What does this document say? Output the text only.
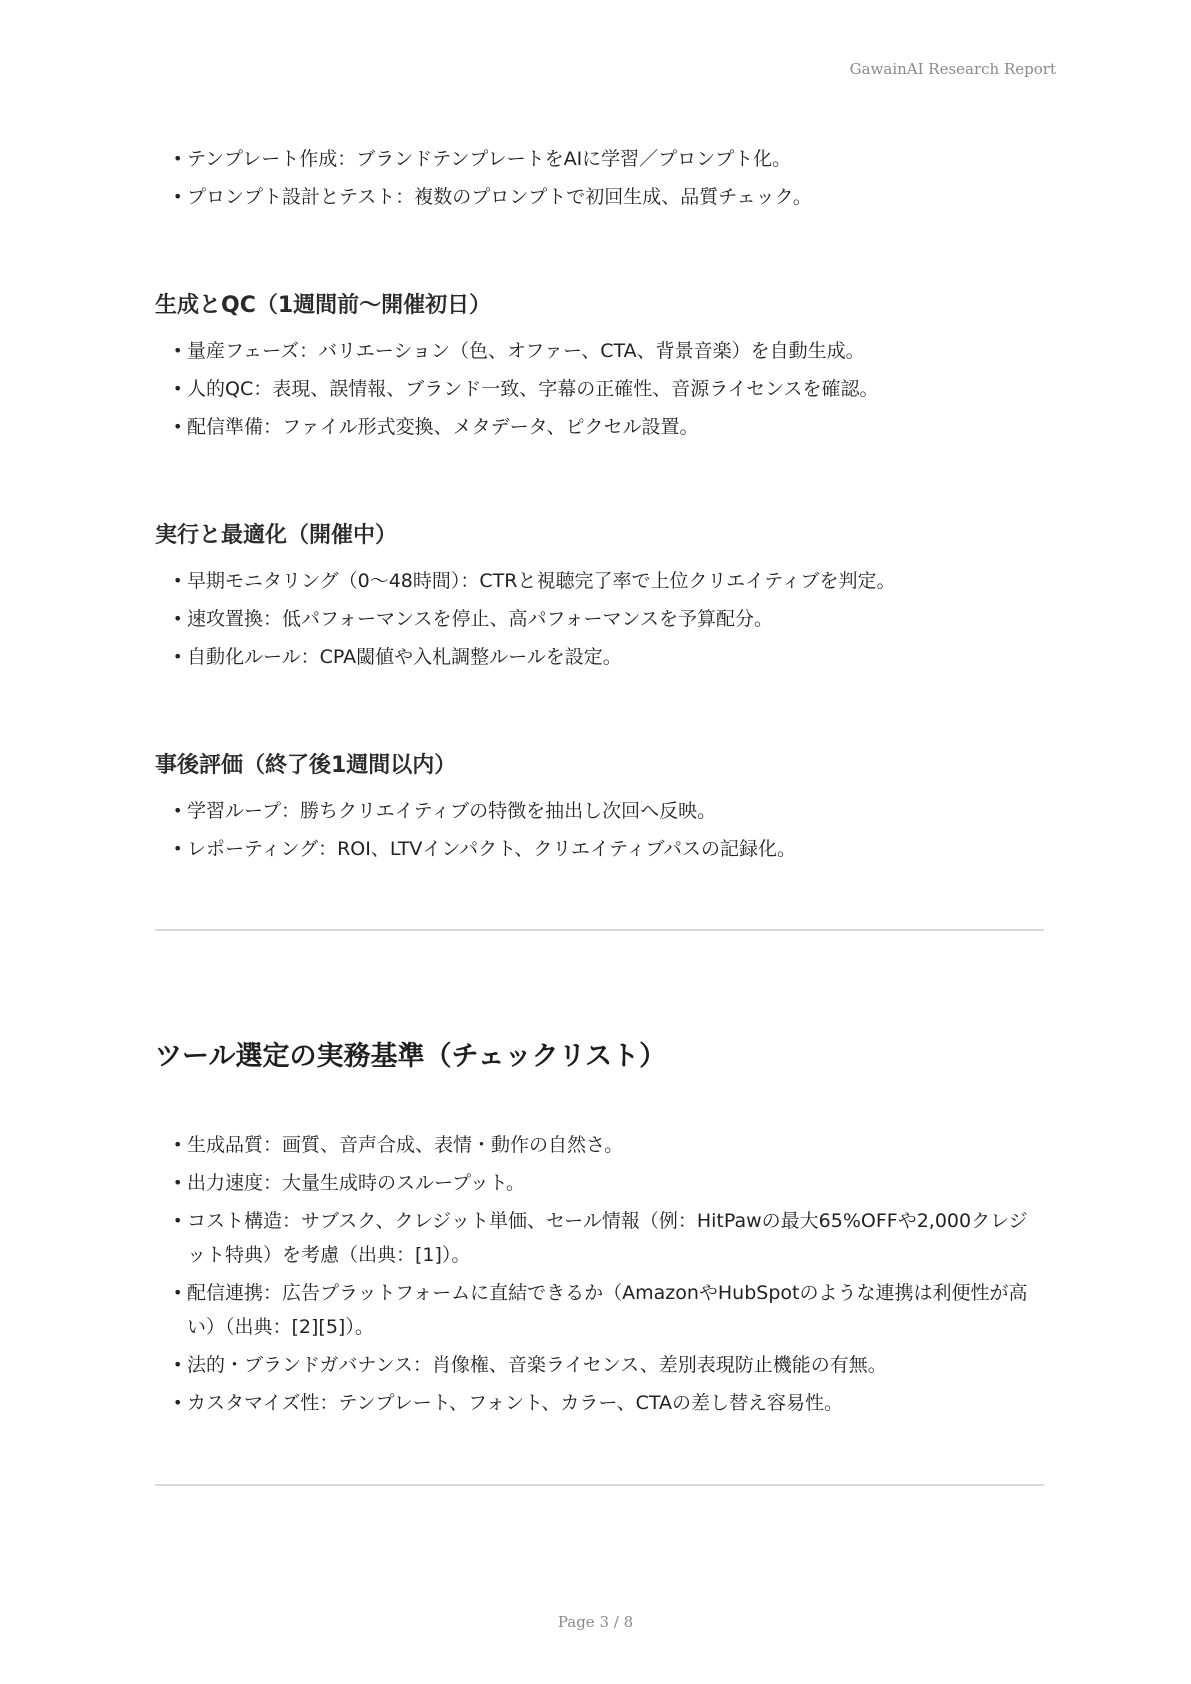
GawainAI Research Report
• テンプレート作成：ブランドテンプレートをAIに学習／プロンプト化。
• プロンプト設計とテスト：複数のプロンプトで初回生成、品質チェック。
生成とQC（1週間前〜開催初日）
• 量産フェーズ：バリエーション（色、オファー、CTA、背景音楽）を自動生成。
• 人的QC：表現、誤情報、ブランド一致、字幕の正確性、音源ライセンスを確認。
• 配信準備：ファイル形式変換、メタデータ、ピクセル設置。
実行と最適化（開催中）
• 早期モニタリング（0〜48時間）：CTRと視聴完了率で上位クリエイティブを判定。
• 速攻置換：低パフォーマンスを停止、高パフォーマンスを予算配分。
• 自動化ルール：CPA閾値や入札調整ルールを設定。
事後評価（終了後1週間以内）
• 学習ループ：勝ちクリエイティブの特徴を抽出し次回へ反映。
• レポーティング：ROI、LTVインパクト、クリエイティブパスの記録化。
ツール選定の実務基準（チェックリスト）
• 生成品質：画質、音声合成、表情・動作の自然さ。
• 出力速度：大量生成時のスループット。
• コスト構造：サブスク、クレジット単価、セール情報（例：HitPawの最大65%OFFや2,000クレジット特典）を考慮（出典：[1]）。
• 配信連携：広告プラットフォームに直結できるか（AmazonやHubSpotのような連携は利便性が高い）（出典：[2][5]）。
• 法的・ブランドガバナンス：肖像権、音楽ライセンス、差別表現防止機能の有無。
• カスタマイズ性：テンプレート、フォント、カラー、CTAの差し替え容易性。
Page 3 / 8
